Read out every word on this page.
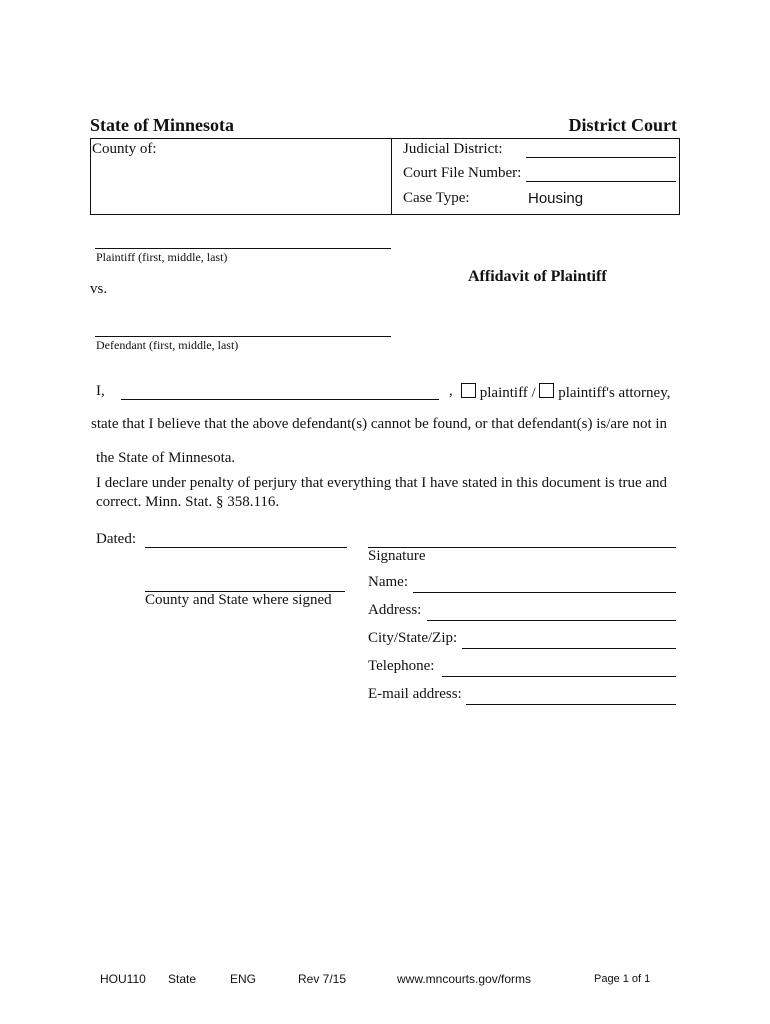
State of Minnesota	District Court
County of:	Judicial District:
Court File Number:
Case Type:	Housing
Plaintiff (first, middle, last)
vs.
Affidavit of Plaintiff
Defendant (first, middle, last)
I,	,	plaintiff / plaintiff's attorney,
state that I believe that the above defendant(s) cannot be found, or that defendant(s) is/are not in
the State of Minnesota.
I declare under penalty of perjury that everything that I have stated in this document is true and correct. Minn. Stat. § 358.116.
Dated:
County and State where signed
Signature
Name:
Address:
City/State/Zip:
Telephone:
E-mail address:
HOU110 State	ENG	Rev 7/15	www.mncourts.gov/forms	Page 1 of 1
